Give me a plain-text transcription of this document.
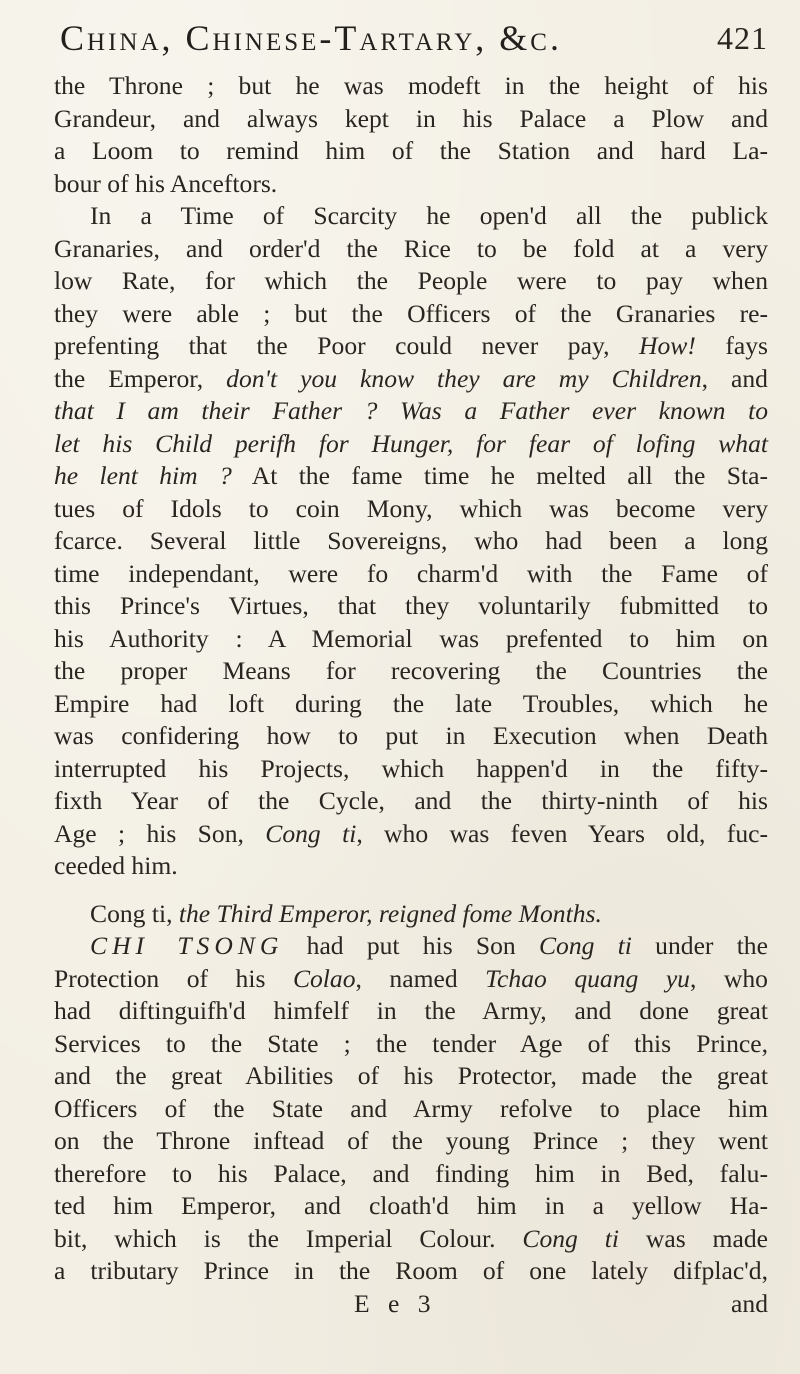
China, Chinese-Tartary, &c.	421

the Throne ; but he was modeft in the height of his
Grandeur, and always kept in his Palace a Plow and
a Loom to remind him of the Station and hard La-
bour of his Anceftors.

In a Time of Scarcity he open'd all the publick
Granaries, and order'd the Rice to be fold at a very
low Rate, for which the People were to pay when
they were able ; but the Officers of the Granaries re-
prefenting that the Poor could never pay, How! fays
the Emperor, don't you know they are my Children, and
that I am their Father ? Was a Father ever known to
let his Child perifh for Hunger, for fear of lofing what
he lent him ? At the fame time he melted all the Sta-
tues of Idols to coin Mony, which was become very
fcarce. Several little Sovereigns, who had been a long
time independant, were fo charm'd with the Fame of
this Prince's Virtues, that they voluntarily fubmitted to
his Authority : A Memorial was prefented to him on
the proper Means for recovering the Countries the
Empire had loft during the late Troubles, which he
was confidering how to put in Execution when Death
interrupted his Projects, which happen'd in the fifty-
fixth Year of the Cycle, and the thirty-ninth of his
Age ; his Son, Cong ti, who was feven Years old, fuc-
ceeded him.

Cong ti, the Third Emperor, reigned fome Months.

CHI TSONG had put his Son Cong ti under the
Protection of his Colao, named Tchao quang yu, who
had diftinguifh'd himfelf in the Army, and done great
Services to the State ; the tender Age of this Prince,
and the great Abilities of his Protector, made the great
Officers of the State and Army refolve to place him
on the Throne inftead of the young Prince ; they went
therefore to his Palace, and finding him in Bed, falu-
ted him Emperor, and cloath'd him in a yellow Ha-
bit, which is the Imperial Colour. Cong ti was made
a tributary Prince in the Room of one lately difplac'd,

E e 3	and
